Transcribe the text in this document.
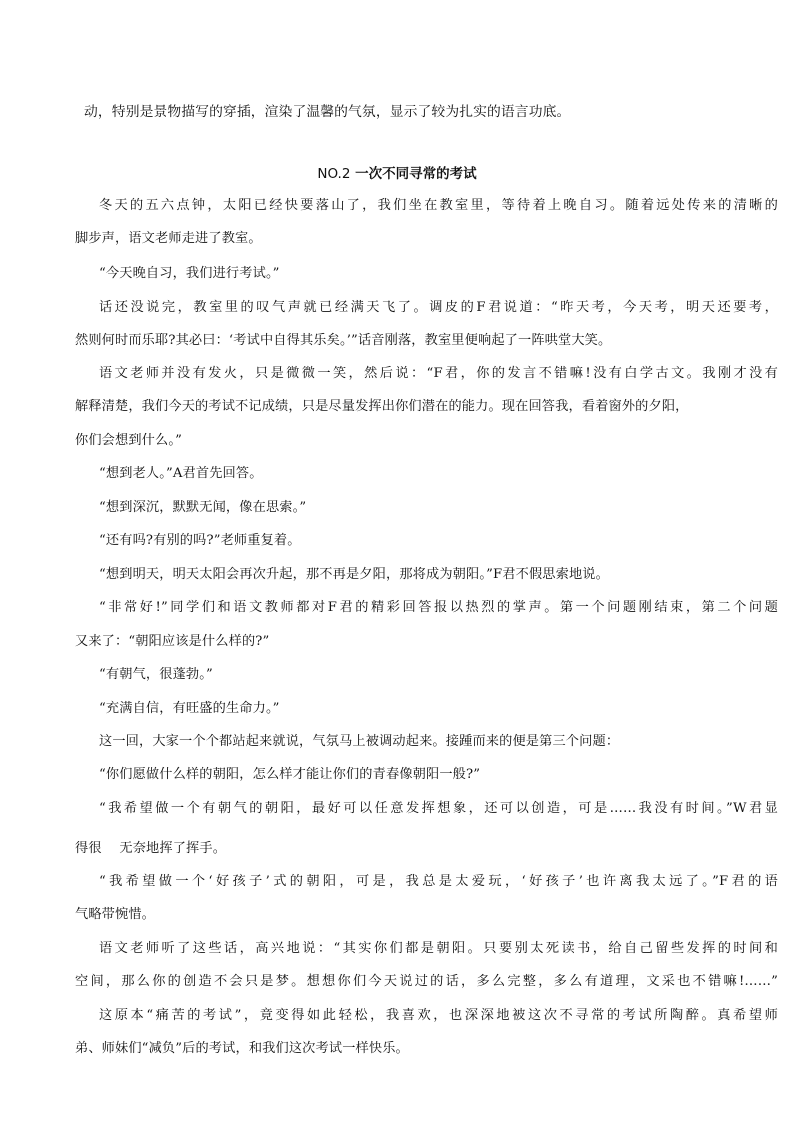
动，特别是景物描写的穿插，渲染了温馨的气氛，显示了较为扎实的语言功底。
NO.2 一次不同寻常的考试
冬天的五六点钟，太阳已经快要落山了，我们坐在教室里，等待着上晚自习。随着远处传来的清晰的
脚步声，语文老师走进了教室。
“今天晚自习，我们进行考试。”
话还没说完，教室里的叹气声就已经满天飞了。调皮的F君说道：“昨天考，今天考，明天还要考，
然则何时而乐耶?其必曰：‘考试中自得其乐矣。’”话音刚落，教室里便响起了一阵哄堂大笑。
语文老师并没有发火，只是微微一笑，然后说：“F君，你的发言不错嘛!没有白学古文。我刚才没有
解释清楚，我们今天的考试不记成绩，只是尽量发挥出你们潜在的能力。现在回答我，看着窗外的夕阳，
你们会想到什么。”
“想到老人。”A君首先回答。
“想到深沉，默默无闻，像在思索。”
“还有吗?有别的吗?”老师重复着。
“想到明天，明天太阳会再次升起，那不再是夕阳，那将成为朝阳。”F君不假思索地说。
“非常好!”同学们和语文教师都对F君的精彩回答报以热烈的掌声。第一个问题刚结束，第二个问题
又来了：“朝阳应该是什么样的?”
“有朝气，很蓬勃。”
“充满自信，有旺盛的生命力。”
这一回，大家一个个都站起来就说，气氛马上被调动起来。接踵而来的便是第三个问题：
“你们愿做什么样的朝阳，怎么样才能让你们的青春像朝阳一般?”
“我希望做一个有朝气的朝阳，最好可以任意发挥想象，还可以创造，可是……我没有时间。”W君显
得很　 无奈地挥了挥手。
“我希望做一个‘好孩子’式的朝阳，可是，我总是太爱玩，‘好孩子’也许离我太远了。”F君的语
气略带惋惜。
语文老师听了这些话，高兴地说：“其实你们都是朝阳。只要别太死读书，给自己留些发挥的时间和
空间，那么你的创造不会只是梦。想想你们今天说过的话，多么完整，多么有道理，文采也不错嘛!……”
这原本“痛苦的考试”，竟变得如此轻松，我喜欢，也深深地被这次不寻常的考试所陶醉。真希望师
弟、师妹们“减负”后的考试，和我们这次考试一样快乐。
